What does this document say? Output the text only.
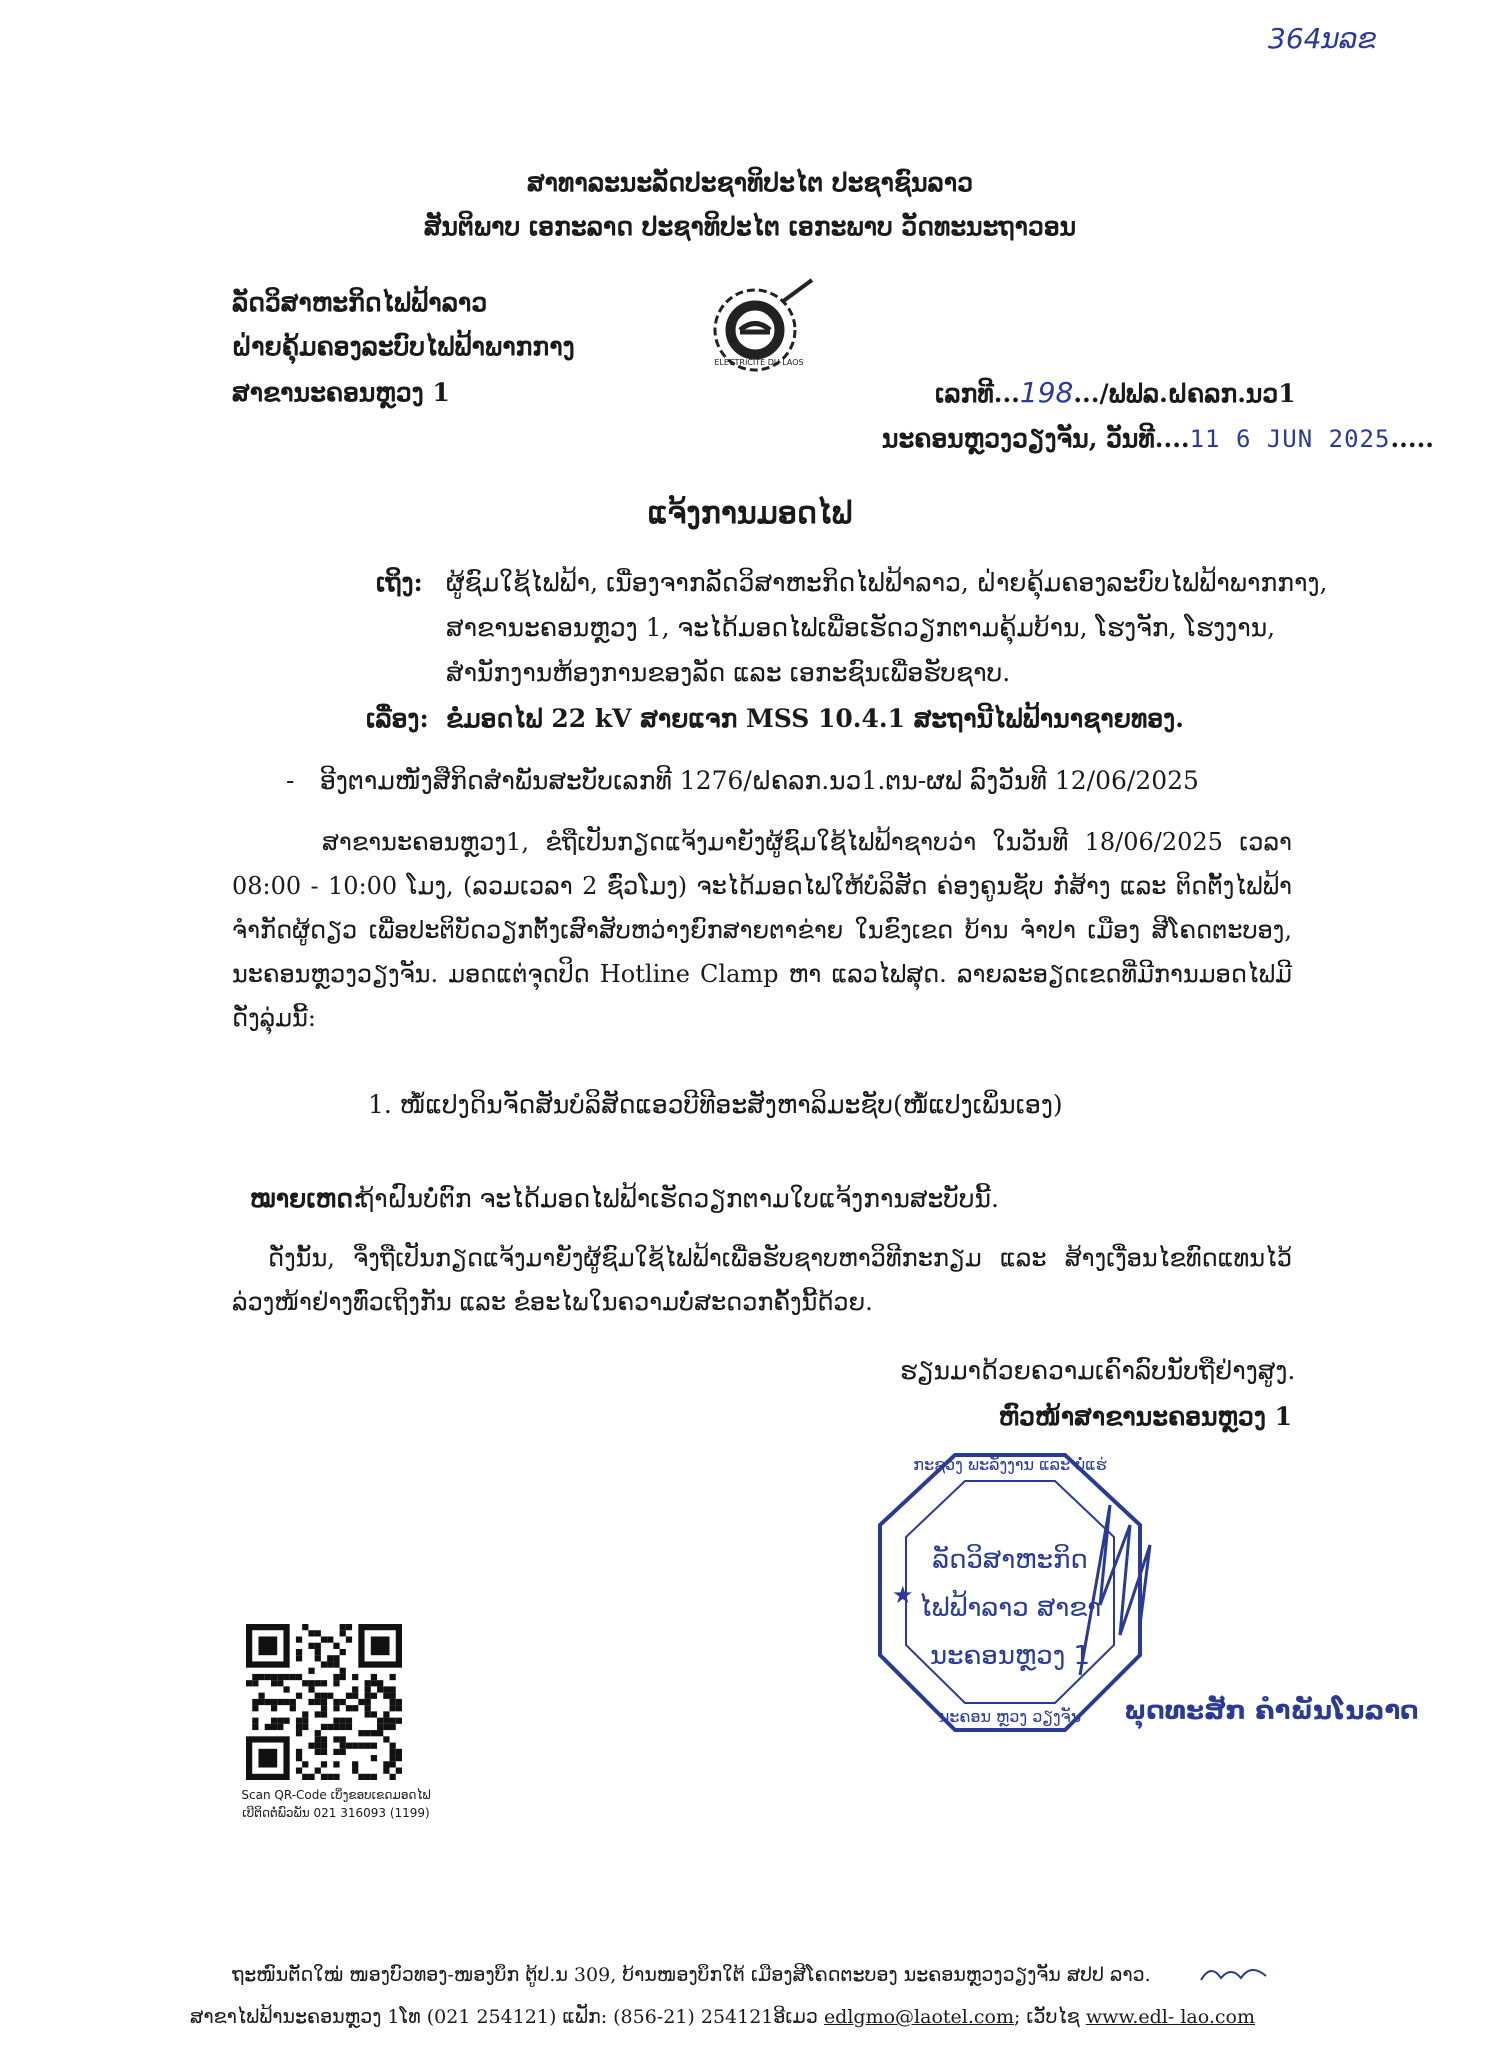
364ນລຂ
ສາທາລະນະລັດປະຊາທິປະໄຕ ປະຊາຊົນລາວ
ສັນຕິພາບ ເອກະລາດ ປະຊາທິປະໄຕ ເອກະພາບ ວັດທະນະຖາວອນ
ລັດວິສາຫະກິດໄຟຟ້າລາວ
ຝ່າຍຄຸ້ມຄອງລະບົບໄຟຟ້າພາກກາງ
ສາຂານະຄອນຫຼວງ 1
ELECTRICITE DU LAOS
ເລກທີ...198.../ຟຟລ.ຝຄລກ.ນວ1
ນະຄອນຫຼວງວຽງຈັນ, ວັນທີ....11 6 JUN 2025.....
ແຈ້ງການມອດໄຟ
ເຖິງ: ຜູ້ຊົມໃຊ້ໄຟຟ້າ, ເນື່ອງຈາກລັດວິສາຫະກິດໄຟຟ້າລາວ, ຝ່າຍຄຸ້ມຄອງລະບົບໄຟຟ້າພາກກາງ,
ສາຂານະຄອນຫຼວງ 1, ຈະໄດ້ມອດໄຟເພື່ອເຮັດວຽກຕາມຄຸ້ມບ້ານ, ໂຮງຈັກ, ໂຮງງານ,
ສໍານັກງານຫ້ອງການຂອງລັດ ແລະ ເອກະຊົນເພື່ອຮັບຊາບ.
ເລື່ອງ: ຂໍມອດໄຟ 22 kV ສາຍແຈກ MSS 10.4.1 ສະຖານີໄຟຟ້ານາຊາຍທອງ.
- ອີງຕາມໜັງສືກິດສໍາພັນສະບັບເລກທີ 1276/ຝຄລກ.ນວ1.ຕນ-ຜຟ ລົງວັນທີ 12/06/2025
ສາຂານະຄອນຫຼວງ1, ຂໍຖືເປັນກຽດແຈ້ງມາຍັງຜູ້ຊົມໃຊ້ໄຟຟ້າຊາບວ່າ ໃນວັນທີ 18/06/2025 ເວລາ 08:00 - 10:00 ໂມງ, (ລວມເວລາ 2 ຊົ່ວໂມງ) ຈະໄດ້ມອດໄຟໃຫ້ບໍລິສັດ ຄ່ອງຄູນຊັບ ກໍ່ສ້າງ ແລະ ຕິດຕັ້ງໄຟຟ້າ ຈໍາກັດຜູ້ດຽວ ເພື່ອປະຕິບັດວຽກຕັ້ງເສົາສັບຫວ່າງຍົກສາຍຕາຂ່າຍ ໃນຂົງເຂດ ບ້ານ ຈໍາປາ ເມືອງ ສີໂຄດຕະບອງ, ນະຄອນຫຼວງວຽງຈັນ. ມອດແຕ່ຈຸດປິດ Hotline Clamp ຫາ ແລວໄຟສຸດ. ລາຍລະອຽດເຂດທີ່ມີການມອດໄຟມີດັ່ງລຸ່ມນີ້:
1. ໜໍ້ແປງດິນຈັດສັນບໍລິສັດແອວບີທີອະສັງຫາລິມະຊັບ(ໜໍ້ແປງເພິ່ນເອງ)
ໝາຍເຫດ:
ຖ້າຝົນບໍ່ຕົກ ຈະໄດ້ມອດໄຟຟ້າເຮັດວຽກຕາມໃບແຈ້ງການສະບັບນີ້.
ດັ່ງນັ້ນ, ຈຶ່ງຖືເປັນກຽດແຈ້ງມາຍັງຜູ້ຊົມໃຊ້ໄຟຟ້າເພື່ອຮັບຊາບຫາວິທີກະກຽມ ແລະ ສ້າງເງື່ອນໄຂທົດແທນໄວ້ລ່ວງໜ້າຢ່າງທົ່ວເຖິງກັນ ແລະ ຂໍອະໄພໃນຄວາມບໍ່ສະດວກຄັ້ງນີ້ດ້ວຍ.
ຮຽນມາດ້ວຍຄວາມເຄົາລົບນັບຖືຢ່າງສູງ.
ຫົວໜ້າສາຂານະຄອນຫຼວງ 1
★
ກະຊວງ ພະລັງງານ ແລະ ບໍ່ແຮ່
ນະຄອນ ຫຼວງ ວຽງຈັນ
ລັດວິສາຫະກິດ
ໄຟຟ້າລາວ ສາຂາ
ນະຄອນຫຼວງ 1
ພຸດທະສັກ ຄໍາພັນໂນລາດ
Scan QR-Code ເບິ່ງຂອບເຂດມອດໄຟ
ເບີຕິດຕໍ່ພົວພັນ 021 316093 (1199)
ຖະໜົນຕັດໃໝ່ ໜອງບົວທອງ-ໜອງບຶກ ຕູ້ປ.ນ 309, ບ້ານໜອງບຶກໃຕ້ ເມືອງສີໂຄດຕະບອງ ນະຄອນຫຼວງວຽງຈັນ ສປປ ລາວ.
ສາຂາໄຟຟ້ານະຄອນຫຼວງ 1ໂທ (021 254121) ແຟັກ: (856-21) 254121ອີເມວ edlgmo@laotel.com; ເວັບໄຊ www.edl- lao.com
